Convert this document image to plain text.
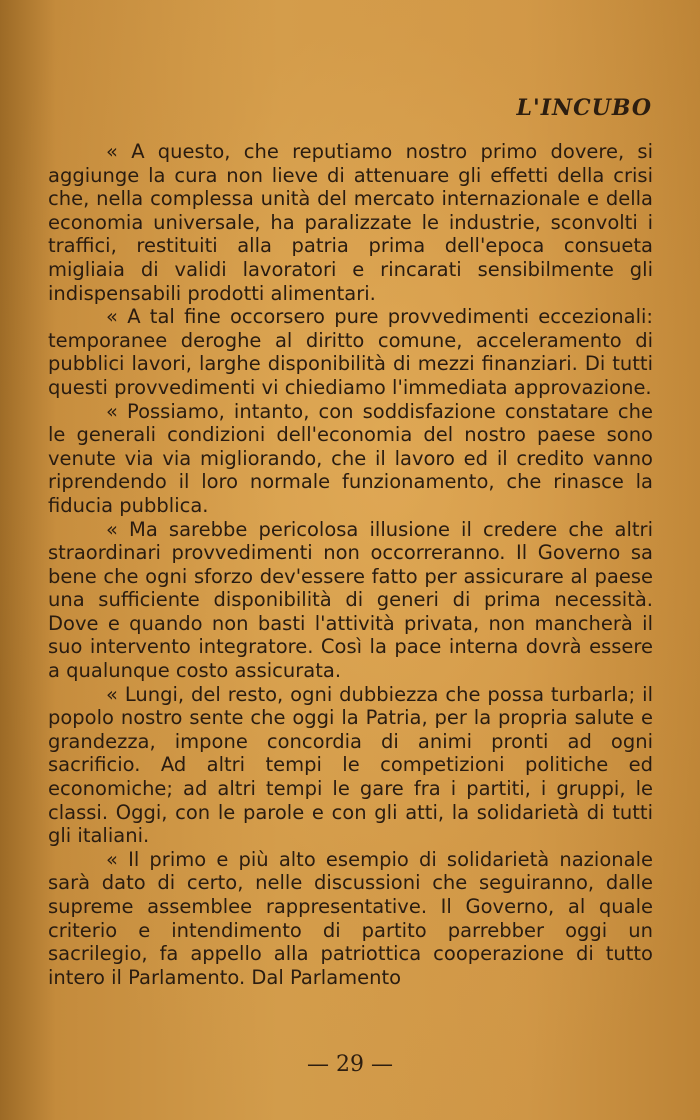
L'INCUBO

« A questo, che reputiamo nostro primo dovere, si aggiunge la cura non lieve di attenuare gli effetti della crisi che, nella complessa unità del mercato internazionale e della economia universale, ha paralizzate le industrie, sconvolti i traffici, restituiti alla patria prima dell'epoca consueta migliaia di validi lavoratori e rincarati sensibilmente gli indispensabili prodotti alimentari.

« A tal fine occorsero pure provvedimenti eccezionali: temporanee deroghe al diritto comune, acceleramento di pubblici lavori, larghe disponibilità di mezzi finanziari. Di tutti questi provvedimenti vi chiediamo l'immediata approvazione.

« Possiamo, intanto, con soddisfazione constatare che le generali condizioni dell'economia del nostro paese sono venute via via migliorando, che il lavoro ed il credito vanno riprendendo il loro normale funzionamento, che rinasce la fiducia pubblica.

« Ma sarebbe pericolosa illusione il credere che altri straordinari provvedimenti non occorreranno. Il Governo sa bene che ogni sforzo dev'essere fatto per assicurare al paese una sufficiente disponibilità di generi di prima necessità. Dove e quando non basti l'attività privata, non mancherà il suo intervento integratore. Così la pace interna dovrà essere a qualunque costo assicurata.

« Lungi, del resto, ogni dubbiezza che possa turbarla; il popolo nostro sente che oggi la Patria, per la propria salute e grandezza, impone concordia di animi pronti ad ogni sacrificio. Ad altri tempi le competizioni politiche ed economiche; ad altri tempi le gare fra i partiti, i gruppi, le classi. Oggi, con le parole e con gli atti, la solidarietà di tutti gli italiani.

« Il primo e più alto esempio di solidarietà nazionale sarà dato di certo, nelle discussioni che seguiranno, dalle supreme assemblee rappresentative. Il Governo, al quale criterio e intendimento di partito parrebber oggi un sacrilegio, fa appello alla patriottica cooperazione di tutto intero il Parlamento. Dal Parlamento

— 29 —
